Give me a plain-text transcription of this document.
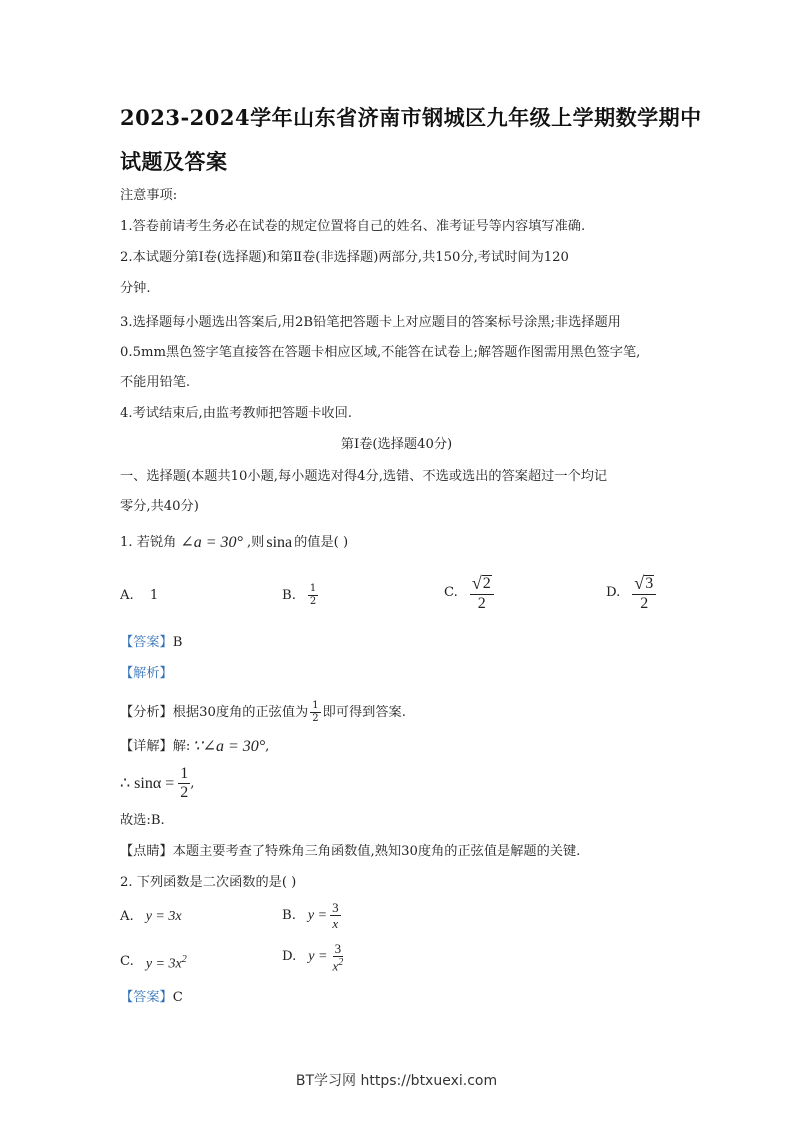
2023-2024学年山东省济南市钢城区九年级上学期数学期中
试题及答案
注意事项:
1.答卷前请考生务必在试卷的规定位置将自己的姓名、准考证号等内容填写准确.
2.本试题分第Ⅰ卷(选择题)和第Ⅱ卷(非选择题)两部分,共150分,考试时间为120
分钟.
3.选择题每小题选出答案后,用2B铅笔把答题卡上对应题目的答案标号涂黑;非选择题用
0.5mm黑色签字笔直接答在答题卡相应区域,不能答在试卷上;解答题作图需用黑色签字笔,
不能用铅笔.
4.考试结束后,由监考教师把答题卡收回.
第Ⅰ卷(选择题40分)
一、选择题(本题共10小题,每小题选对得4分,选错、不选或选出的答案超过一个均记
零分,共40分)
1. 若锐角 ∠a = 30° ,则 sina 的值是( )
A. 1	B. $\frac{1}{2}$	C. $\frac{√ 2}{2}$	D. $\frac{√ 3}{2}$
【答案】B
【解析】
【分析】 根据30度角的正弦值为 $\frac{1}{2}$ 即可得到答案.
【详解】 解: ∵∠a = 30° ,
∴ $\sin\alpha = \frac{1}{2}$ ,
故选:B.
【点睛】本题主要考查了特殊角三角函数值,熟知30度角的正弦值是解题的关键.
2. 下列函数是二次函数的是( )
A. y = 3x	B. $y = \frac{3}{x}$
C. $y = 3x^2$	D. $y = \frac{3}{x^2}$
【答案】C
BT学习网 https://btxuexi.com
